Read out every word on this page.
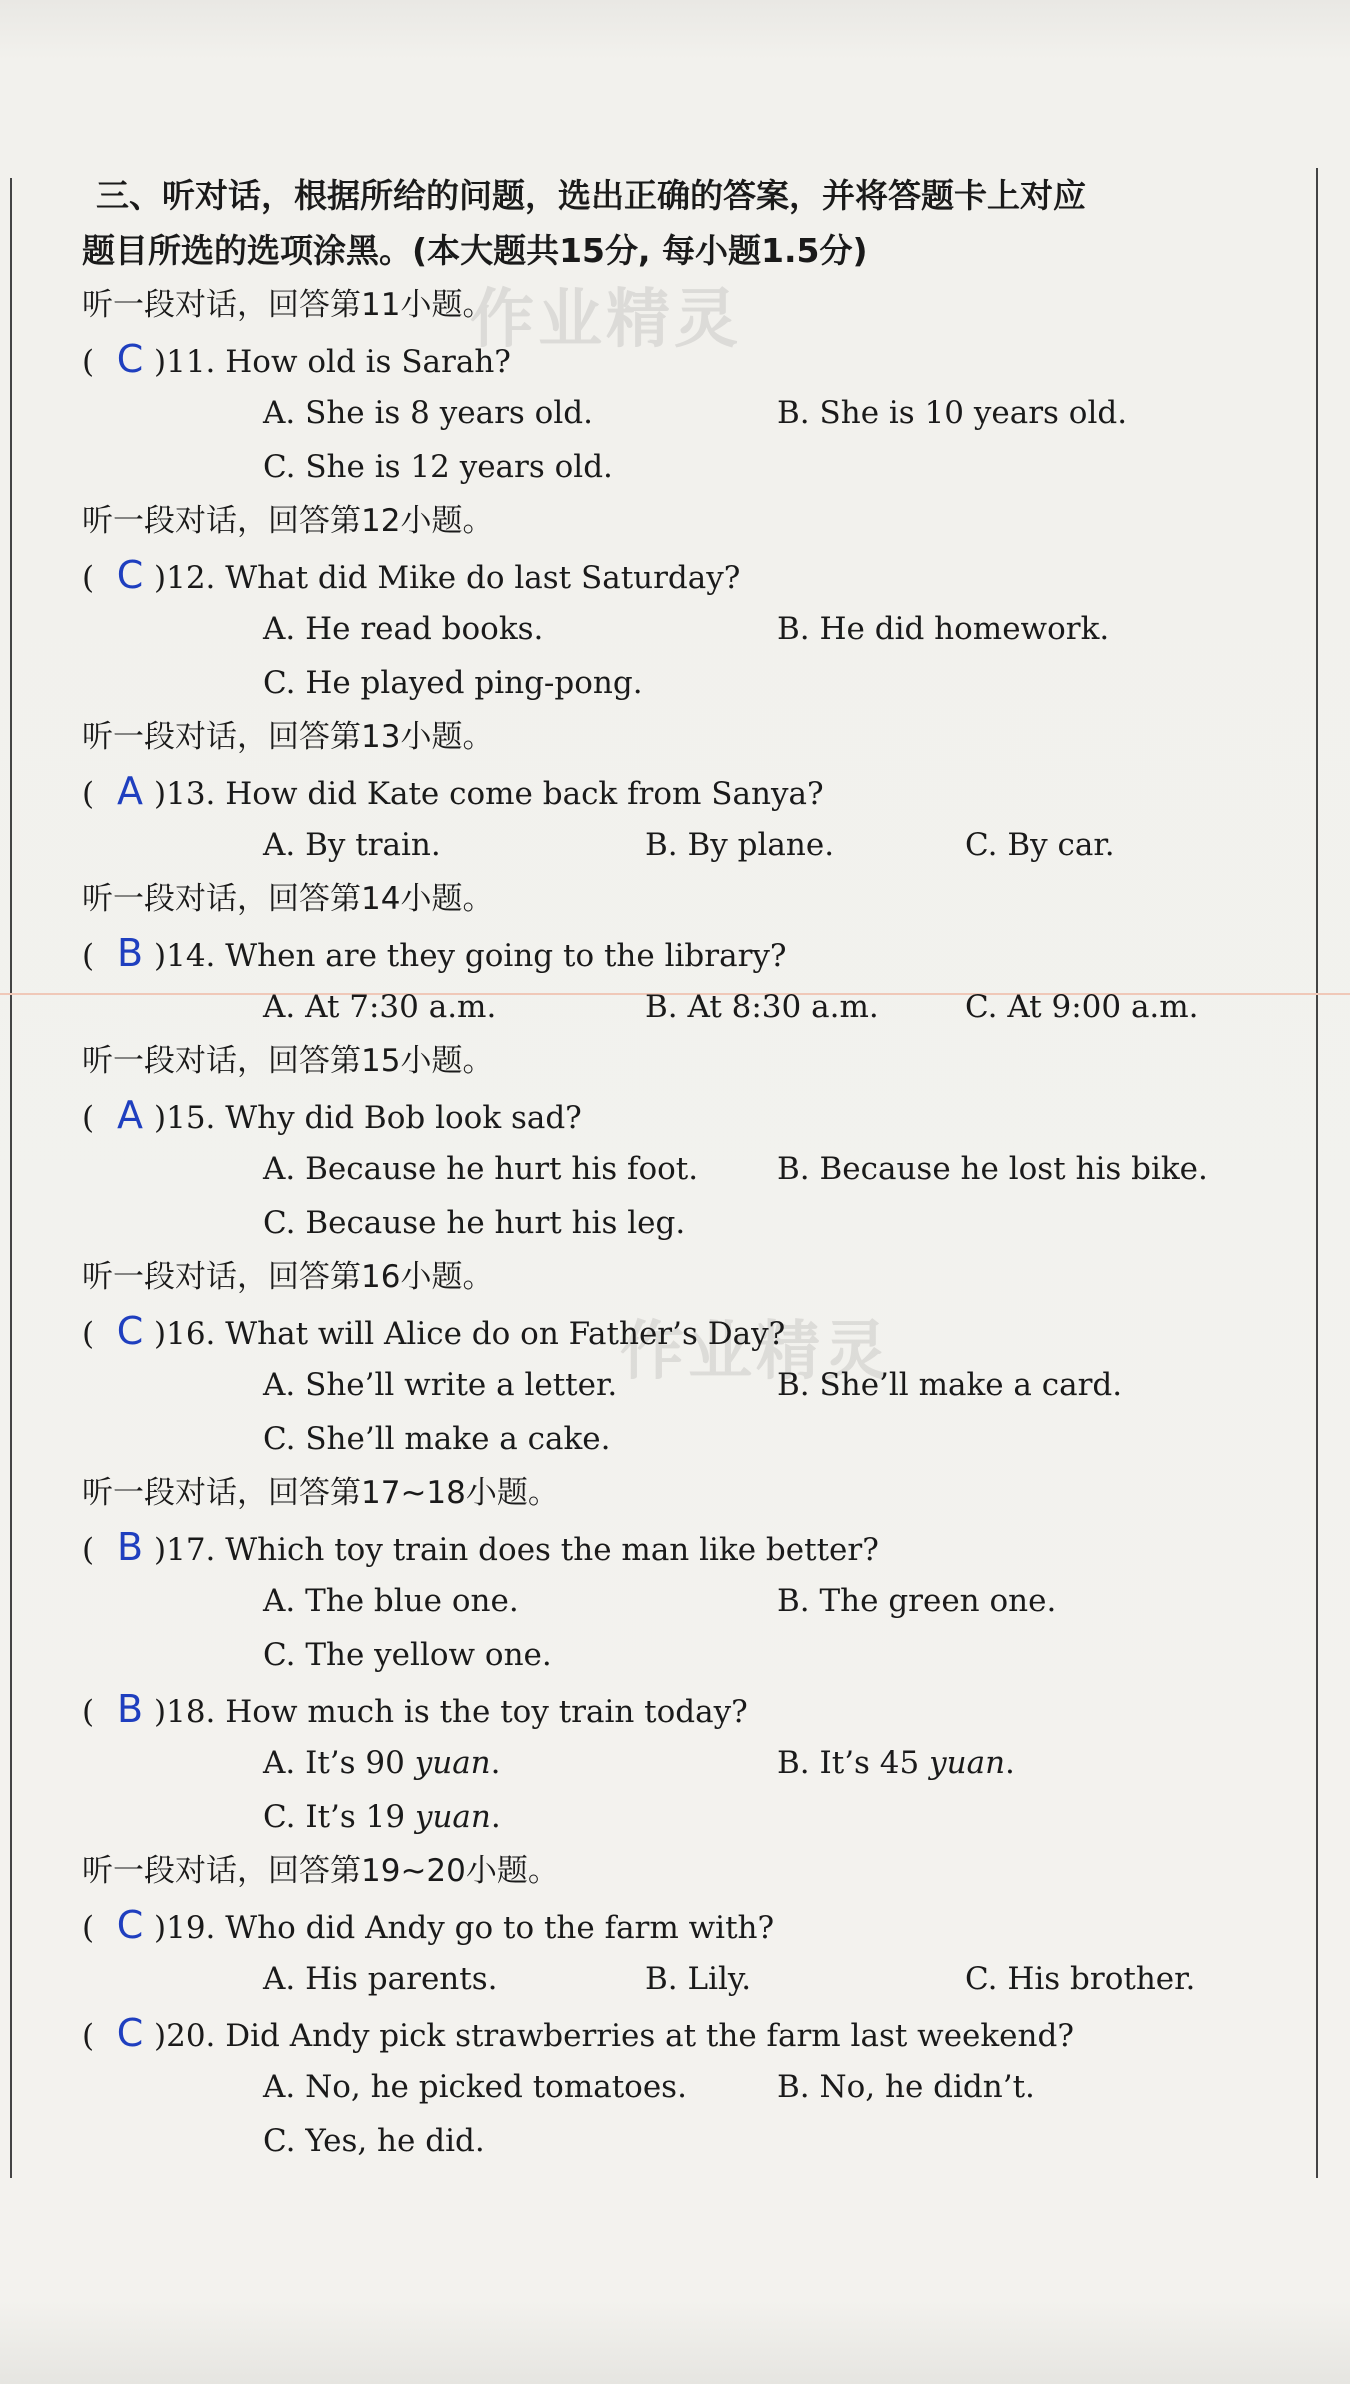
作业精灵
作业精灵
三、听对话，根据所给的问题，选出正确的答案，并将答题卡上对应
题目所选的选项涂黑。(本大题共15分, 每小题1.5分)
听一段对话，回答第11小题。
( C )11. How old is Sarah?
A. She is 8 years old.	B. She is 10 years old.
C. She is 12 years old.
听一段对话，回答第12小题。
( C )12. What did Mike do last Saturday?
A. He read books.	B. He did homework.
C. He played ping-pong.
听一段对话，回答第13小题。
( A )13. How did Kate come back from Sanya?
A. By train.	B. By plane.	C. By car.
听一段对话，回答第14小题。
( B )14. When are they going to the library?
A. At 7:30 a.m.	B. At 8:30 a.m.	C. At 9:00 a.m.
听一段对话，回答第15小题。
( A )15. Why did Bob look sad?
A. Because he hurt his foot.	B. Because he lost his bike.
C. Because he hurt his leg.
听一段对话，回答第16小题。
( C )16. What will Alice do on Father’s Day?
A. She’ll write a letter.	B. She’ll make a card.
C. She’ll make a cake.
听一段对话，回答第17~18小题。
( B )17. Which toy train does the man like better?
A. The blue one.	B. The green one.
C. The yellow one.
( B )18. How much is the toy train today?
A. It’s 90 yuan.	B. It’s 45 yuan.
C. It’s 19 yuan.
听一段对话，回答第19~20小题。
( C )19. Who did Andy go to the farm with?
A. His parents.	B. Lily.	C. His brother.
( C )20. Did Andy pick strawberries at the farm last weekend?
A. No, he picked tomatoes.	B. No, he didn’t.
C. Yes, he did.
